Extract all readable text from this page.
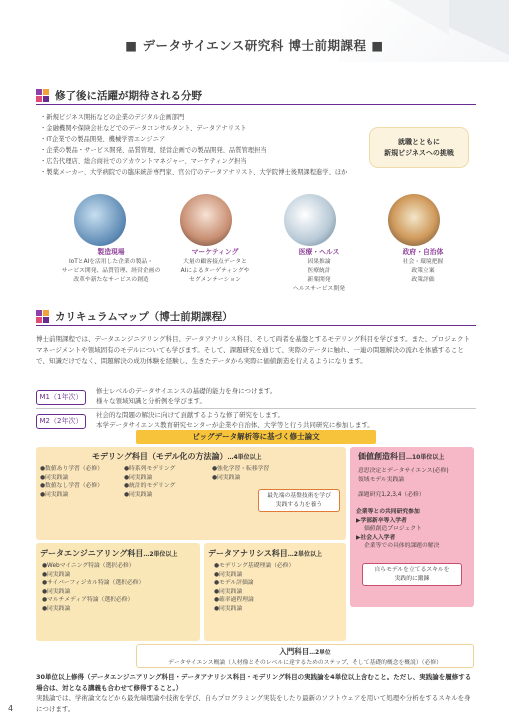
■ データサイエンス研究科 博士前期課程 ■
修了後に活躍が期待される分野
・新規ビジネス開拓などの企業のデジタル企画部門
・金融機関や保険会社などでのデータコンサルタント、データアナリスト
・IT企業での製品開発、機械学習エンジニア
・企業の製品・サービス開発、品質管理、経営企画での製品開発、品質管理担当
・広告代理店、総合商社でのアカウントマネジャー、マーケティング担当
・製薬メーカー、大学病院での臨床統計専門家、官公庁のデータアナリスト、大学院博士後期課程進学、ほか
就職とともに
新規ビジネスへの挑戦
製造現場
IoTとAIを活用した企業の製品・
サービス開発、品質管理、経営企画の
改革や新たなサービスの創造
マーケティング
大量の顧客接点データと
AIによるターゲティングや
セグメンテーション
医療・ヘルス
因果推論
医療統計
新薬開発
ヘルスサービス開発
政府・自治体
社会・環境把握
政策立案
政策評価
カリキュラムマップ（博士前期課程）
博士前期課程では、データエンジニアリング科目、データアナリシス科目、そして両者を基盤とするモデリング科目を学びます。また、プロジェクトマネージメントや領域固有のモデルについても学びます。そして、課題研究を通じて、実際のデータに触れ、一連の問題解決の流れを体感することで、知識だけでなく、問題解決の成功体験を経験し、生きたデータから実際に価値創造を行えるようになります。
M1（1年次）
修士レベルのデータサイエンスの基礎的能力を身につけます。
様々な領域知識と分析例を学びます。
M2（2年次）
社会的な問題の解決に向けて貢献するような修了研究をします。
本学データサイエンス教育研究センターが企業や自治体、大学等と行う共同研究に参加します。
ビッグデータ解析等に基づく修士論文
モデリング科目（モデル化の方法論）…4単位以上
●数値あり学習（必修）
●同実践論
●数値なし学習（必修）
●同実践論
●時系列モデリング
●同実践論
●統計的モデリング
●同実践論
●強化学習・転移学習
●同実践論
最先端の基盤技術を学び
実践する力を養う
価値創造科目…10単位以上
意思決定とデータサイエンス(必修)
領域モデル実践論
課題研究1,2,3,4（必修）
企業等との共同研究参加
▶学部新卒等入学者
価値創造プロジェクト
▶社会人入学者
企業等での具体的課題の解決
自らモデルを立てるスキルを
実践的に鍛錬
データエンジニアリング科目…2単位以上
●Webマイニング特論（選択必修）
●同実践論
●サイバーフィジカル特論（選択必修）
●同実践論
●マルチメディア特論（選択必修）
●同実践論
データアナリシス科目…2単位以上
●モデリング基礎理論（必修）
●同実践論
●モデル評価論
●同実践論
●確率過程理論
●同実践論
入門科目…2単位
データサイエンス概論（人材像とそのレベルに達するためのステップ、そして基礎的概念を概説）（必修）
30単位以上修得（データエンジニアリング科目・データアナリシス科目・モデリング科目の実践論を4単位以上含むこと。ただし、実践論を履修する場合は、対となる講義も合わせて修得すること。）
実践論では、学術論文などから最先端理論や技術を学び、自らプログラミング実装をしたり最新のソフトウェアを用いて処理や分析をするスキルを身につけます。
4
